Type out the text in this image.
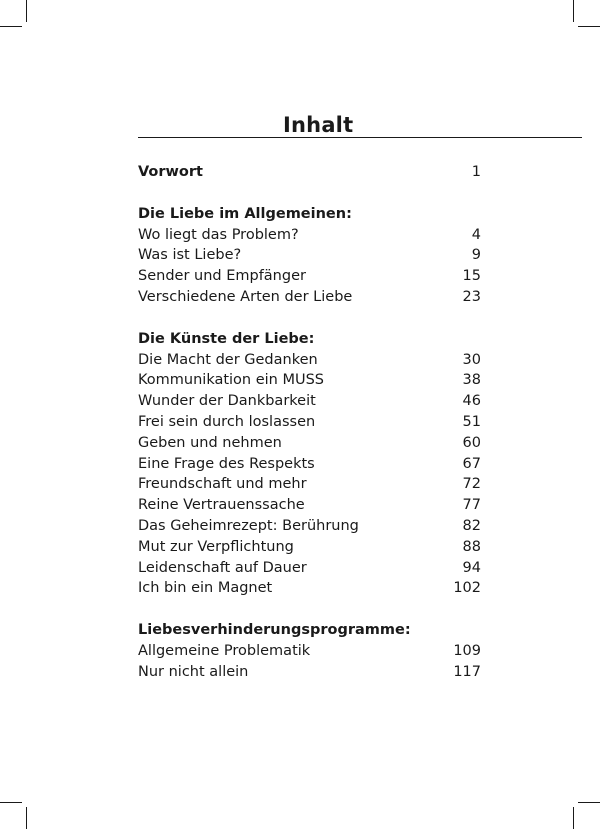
Inhalt
Vorwort	1
Die Liebe im Allgemeinen:
Wo liegt das Problem?	4
Was ist Liebe?	9
Sender und Empfänger	15
Verschiedene Arten der Liebe	23
Die Künste der Liebe:
Die Macht der Gedanken	30
Kommunikation ein MUSS	38
Wunder der Dankbarkeit	46
Frei sein durch loslassen	51
Geben und nehmen	60
Eine Frage des Respekts	67
Freundschaft und mehr	72
Reine Vertrauenssache	77
Das Geheimrezept: Berührung	82
Mut zur Verpflichtung	88
Leidenschaft auf Dauer	94
Ich bin ein Magnet	102
Liebesverhinderungsprogramme:
Allgemeine Problematik	109
Nur nicht allein	117
